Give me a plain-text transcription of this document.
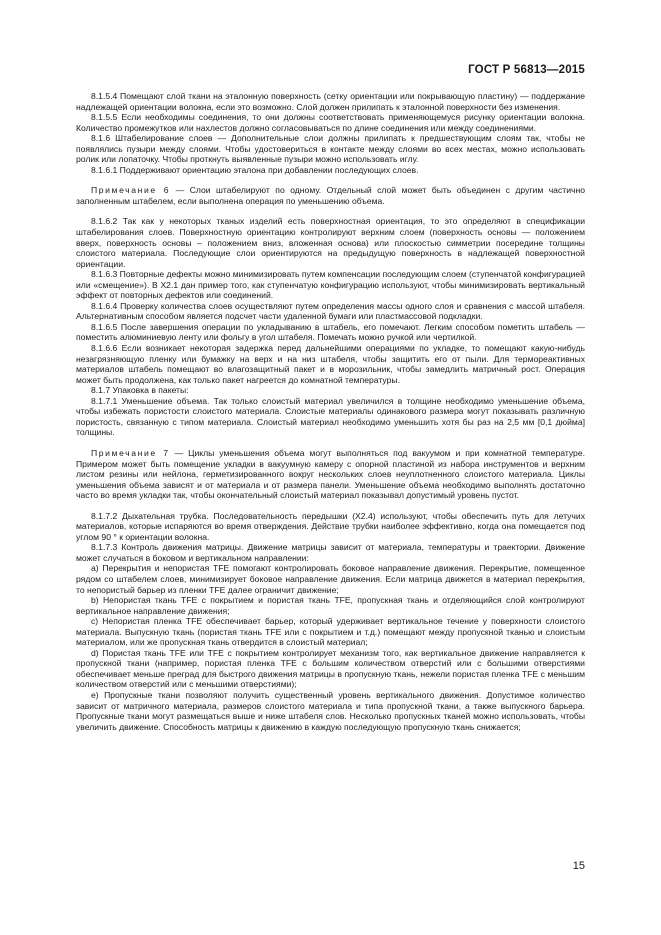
ГОСТ Р 56813—2015

8.1.5.4 Помещают слой ткани на эталонную поверхность (сетку ориентации или покрывающую пластину) — поддержание надлежащей ориентации волокна, если это возможно. Слой должен прилипать к эталонной поверхности без изменения.

8.1.5.5 Если необходимы соединения, то они должны соответствовать применяющемуся рисунку ориентации волокна. Количество промежутков или нахлестов должно согласовываться по длине соединения или между соединениями.

8.1.6 Штабелирование слоев — Дополнительные слои должны прилипать к предшествующим слоям так, чтобы не появлялись пузыри между слоями. Чтобы удостовериться в контакте между слоями во всех местах, можно использовать ролик или лопаточку. Чтобы проткнуть выявленные пузыри можно использовать иглу.

8.1.6.1 Поддерживают ориентацию эталона при добавлении последующих слоев.

Примечание 6 — Слои штабелируют по одному. Отдельный слой может быть объединен с другим частично заполненным штабелем, если выполнена операция по уменьшению объема.

8.1.6.2 Так как у некоторых тканых изделий есть поверхностная ориентация, то это определяют в спецификации штабелирования слоев. Поверхностную ориентацию контролируют верхним слоем (поверхность основы — положением вверх, поверхность основы – положением вниз, вложенная основа) или плоскостью симметрии посередине толщины слоистого материала. Последующие слои ориентируются на предыдущую поверхность в надлежащей поверхностной ориентации.

8.1.6.3 Повторные дефекты можно минимизировать путем компенсации последующим слоем (ступенчатой конфигурацией или «смещение»). В X2.1 дан пример того, как ступенчатую конфигурацию используют, чтобы минимизировать вертикальный эффект от повторных дефектов или соединений.

8.1.6.4 Проверку количества слоев осуществляют путем определения массы одного слоя и сравнения с массой штабеля. Альтернативным способом является подсчет части удаленной бумаги или пластмассовой подкладки.

8.1.6.5 После завершения операции по укладыванию в штабель, его помечают. Легким способом пометить штабель — поместить алюминиевую ленту или фольгу в угол штабеля. Помечать можно ручкой или чертилкой.

8.1.6.6 Если возникает некоторая задержка перед дальнейшими операциями по укладке, то помещают какую-нибудь незагрязняющую пленку или бумажку на верх и на низ штабеля, чтобы защитить его от пыли. Для термореактивных материалов штабель помещают во влагозащитный пакет и в морозильник, чтобы замедлить матричный рост. Операция может быть продолжена, как только пакет нагреется до комнатной температуры.

8.1.7 Упаковка в пакеты:

8.1.7.1 Уменьшение объема. Так только слоистый материал увеличился в толщине необходимо уменьшение объема, чтобы избежать пористости слоистого материала. Слоистые материалы одинакового размера могут показывать различную пористость, связанную с типом материала. Слоистый материал необходимо уменьшить хотя бы раз на 2,5 мм [0,1 дюйма] толщины.

Примечание 7 — Циклы уменьшения объема могут выполняться под вакуумом и при комнатной температуре. Примером может быть помещение укладки в вакуумную камеру с опорной пластиной из набора инструментов и верхним листом резины или нейлона, герметизированного вокруг нескольких слоев неуплотненного слоистого материала. Циклы уменьшения объема зависят и от материала и от размера панели. Уменьшение объема необходимо выполнять достаточно часто во время укладки так, чтобы окончательный слоистый материал показывал допустимый уровень пустот.

8.1.7.2 Дыхательная трубка. Последовательность передышки (X2.4) используют, чтобы обеспечить путь для летучих материалов, которые испаряются во время отверждения. Действие трубки наиболее эффективно, когда она помещается под углом 90 ° к ориентации волокна.

8.1.7.3 Контроль движения матрицы. Движение матрицы зависит от материала, температуры и траектории. Движение может случаться в боковом и вертикальном направлении:

a) Перекрытия и непористая TFE помогают контролировать боковое направление движения. Перекрытие, помещенное рядом со штабелем слоев, минимизирует боковое направление движения. Если матрица движется в материал перекрытия, то непористый барьер из пленки TFE далее ограничит движение;

b) Непористая ткань TFE с покрытием и пористая ткань TFE, пропускная ткань и отделяющийся слой контролируют вертикальное направление движения;

c) Непористая пленка TFE обеспечивает барьер, который удерживает вертикальное течение у поверхности слоистого материала. Выпускную ткань (пористая ткань TFE или с покрытием и т.д.) помещают между пропускной тканью и слоистым материалом, или же пропускная ткань отвердится в слоистый материал;

d) Пористая ткань TFE или TFE с покрытием контролирует механизм того, как вертикальное движение направляется к пропускной ткани (например, пористая пленка TFE с большим количеством отверстий или с большими отверстиями обеспечивает меньше преград для быстрого движения матрицы в пропускную ткань, нежели пористая пленка TFE с меньшим количеством отверстий или с меньшими отверстиями);

e) Пропускные ткани позволяют получить существенный уровень вертикального движения. Допустимое количество зависит от матричного материала, размеров слоистого материала и типа пропускной ткани, а также выпускного барьера. Пропускные ткани могут размещаться выше и ниже штабеля слов. Несколько пропускных тканей можно использовать, чтобы увеличить движение. Способность матрицы к движению в каждую последующую пропускную ткань снижается;

15
